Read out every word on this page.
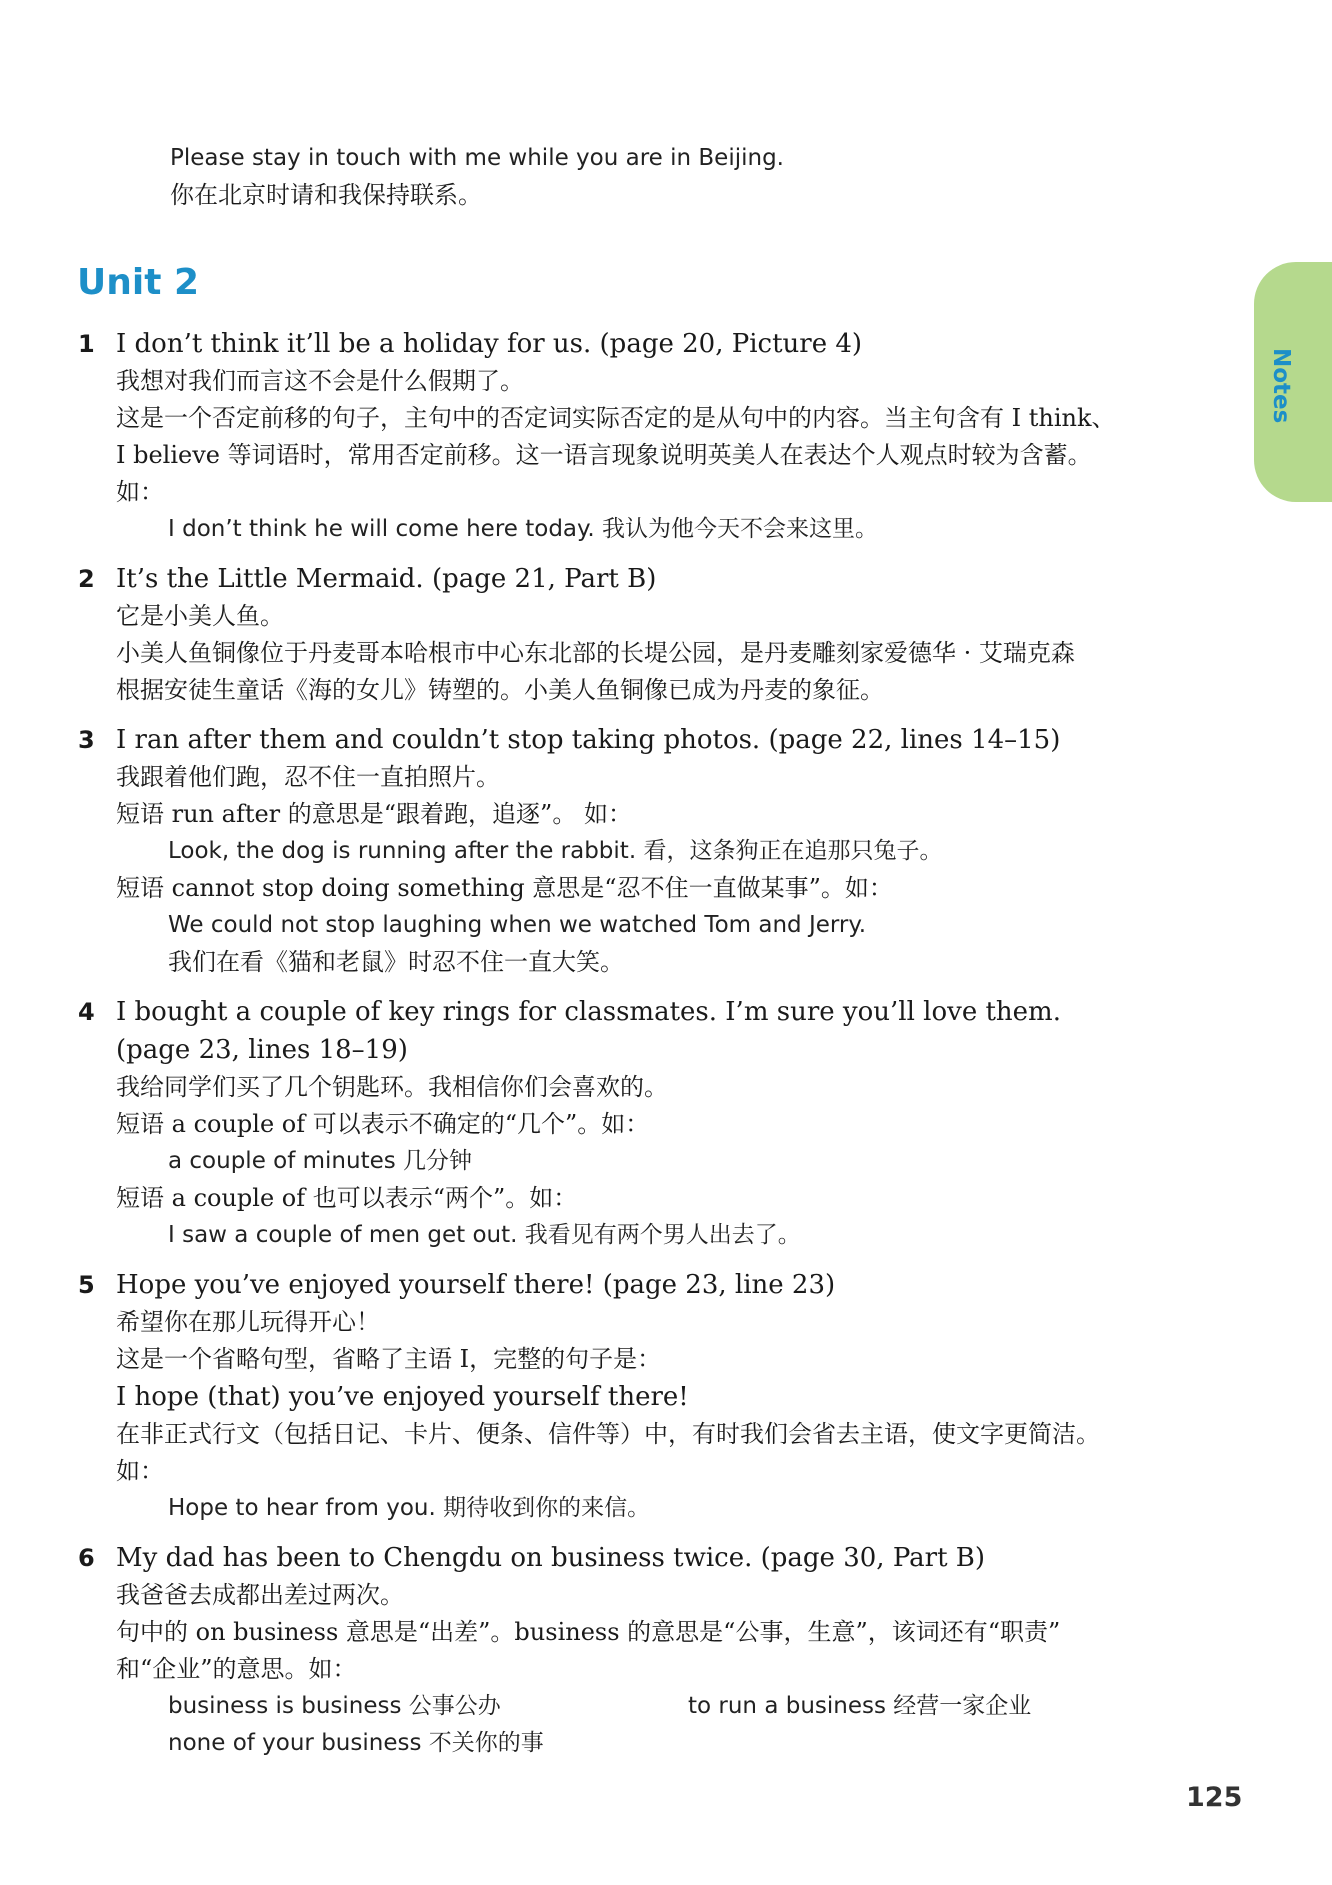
Please stay in touch with me while you are in Beijing.
你在北京时请和我保持联系。
Unit 2
Notes
1 I don’t think it’ll be a holiday for us. (page 20, Picture 4)
我想对我们而言这不会是什么假期了。
这是一个否定前移的句子，主句中的否定词实际否定的是从句中的内容。当主句含有 I think、
I believe 等词语时，常用否定前移。这一语言现象说明英美人在表达个人观点时较为含蓄。
如：
I don’t think he will come here today. 我认为他今天不会来这里。
2 It’s the Little Mermaid. (page 21, Part B)
它是小美人鱼。
小美人鱼铜像位于丹麦哥本哈根市中心东北部的长堤公园，是丹麦雕刻家爱德华 · 艾瑞克森
根据安徒生童话《海的女儿》铸塑的。小美人鱼铜像已成为丹麦的象征。
3 I ran after them and couldn’t stop taking photos. (page 22, lines 14–15)
我跟着他们跑，忍不住一直拍照片。
短语 run after 的意思是“跟着跑，追逐”。 如：
Look, the dog is running after the rabbit. 看，这条狗正在追那只兔子。
短语 cannot stop doing something 意思是“忍不住一直做某事”。如：
We could not stop laughing when we watched Tom and Jerry.
我们在看《猫和老鼠》时忍不住一直大笑。
4 I bought a couple of key rings for classmates. I’m sure you’ll love them.
(page 23, lines 18–19)
我给同学们买了几个钥匙环。我相信你们会喜欢的。
短语 a couple of 可以表示不确定的“几个”。如：
a couple of minutes 几分钟
短语 a couple of 也可以表示“两个”。如：
I saw a couple of men get out. 我看见有两个男人出去了。
5 Hope you’ve enjoyed yourself there! (page 23, line 23)
希望你在那儿玩得开心！
这是一个省略句型，省略了主语 I，完整的句子是：
I hope (that) you’ve enjoyed yourself there!
在非正式行文（包括日记、卡片、便条、信件等）中，有时我们会省去主语，使文字更简洁。
如：
Hope to hear from you. 期待收到你的来信。
6 My dad has been to Chengdu on business twice. (page 30, Part B)
我爸爸去成都出差过两次。
句中的 on business 意思是“出差”。business 的意思是“公事，生意”，该词还有“职责”
和“企业”的意思。如：
business is business 公事公办	to run a business 经营一家企业
none of your business 不关你的事
125
